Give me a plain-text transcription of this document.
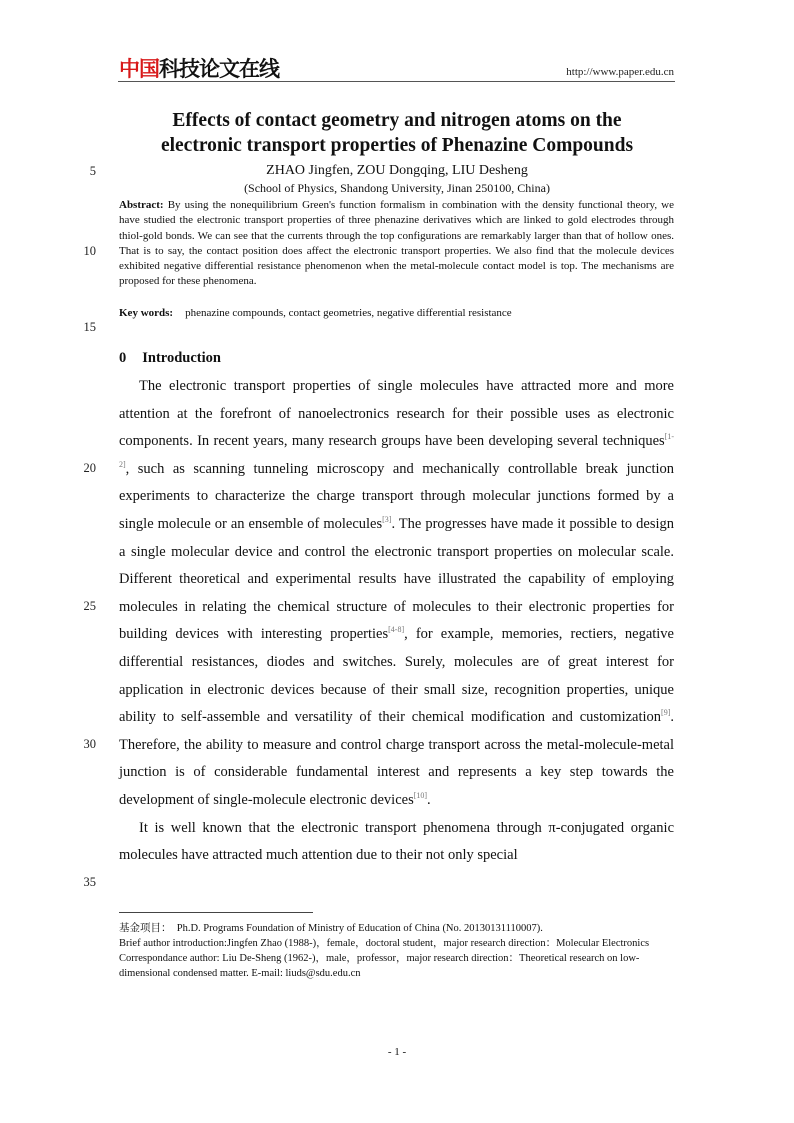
中国科技论文在线	http://www.paper.edu.cn
Effects of contact geometry and nitrogen atoms on the
electronic transport properties of Phenazine Compounds
ZHAO Jingfen, ZOU Dongqing, LIU Desheng
(School of Physics, Shandong University, Jinan 250100, China)
Abstract: By using the nonequilibrium Green's function formalism in combination with the density functional theory, we have studied the electronic transport properties of three phenazine derivatives which are linked to gold electrodes through thiol-gold bonds. We can see that the currents through the top configurations are remarkably larger than that of hollow ones. That is to say, the contact position does affect the electronic transport properties. We also find that the molecule devices exhibited negative differential resistance phenomenon when the metal-molecule contact model is top. The mechanisms are proposed for these phenomena.
Key words: phenazine compounds, contact geometries, negative differential resistance
5
10
15
20
25
30
35
0 Introduction

The electronic transport properties of single molecules have attracted more and more attention at the forefront of nanoelectronics research for their possible uses as electronic components. In recent years, many research groups have been developing several techniques[1-2], such as scanning tunneling microscopy and mechanically controllable break junction experiments to characterize the charge transport through molecular junctions formed by a single molecule or an ensemble of molecules[3]. The progresses have made it possible to design a single molecular device and control the electronic transport properties on molecular scale. Different theoretical and experimental results have illustrated the capability of employing molecules in relating the chemical structure of molecules to their electronic properties for building devices with interesting properties[4-8], for example, memories, rectiers, negative differential resistances, diodes and switches. Surely, molecules are of great interest for application in electronic devices because of their small size, recognition properties, unique ability to self-assemble and versatility of their chemical modification and customization[9]. Therefore, the ability to measure and control charge transport across the metal-molecule-metal junction is of considerable fundamental interest and represents a key step towards the development of single-molecule electronic devices[10].

It is well known that the electronic transport phenomena through π-conjugated organic molecules have attracted much attention due to their not only special

基金项目： Ph.D. Programs Foundation of Ministry of Education of China (No. 20130131110007).
Brief author introduction:Jingfen Zhao (1988-)，female，doctoral student，major research direction：Molecular Electronics
Correspondance author: Liu De-Sheng (1962-)，male，professor，major research direction：Theoretical research on low-dimensional condensed matter. E-mail: liuds@sdu.edu.cn
- 1 -
